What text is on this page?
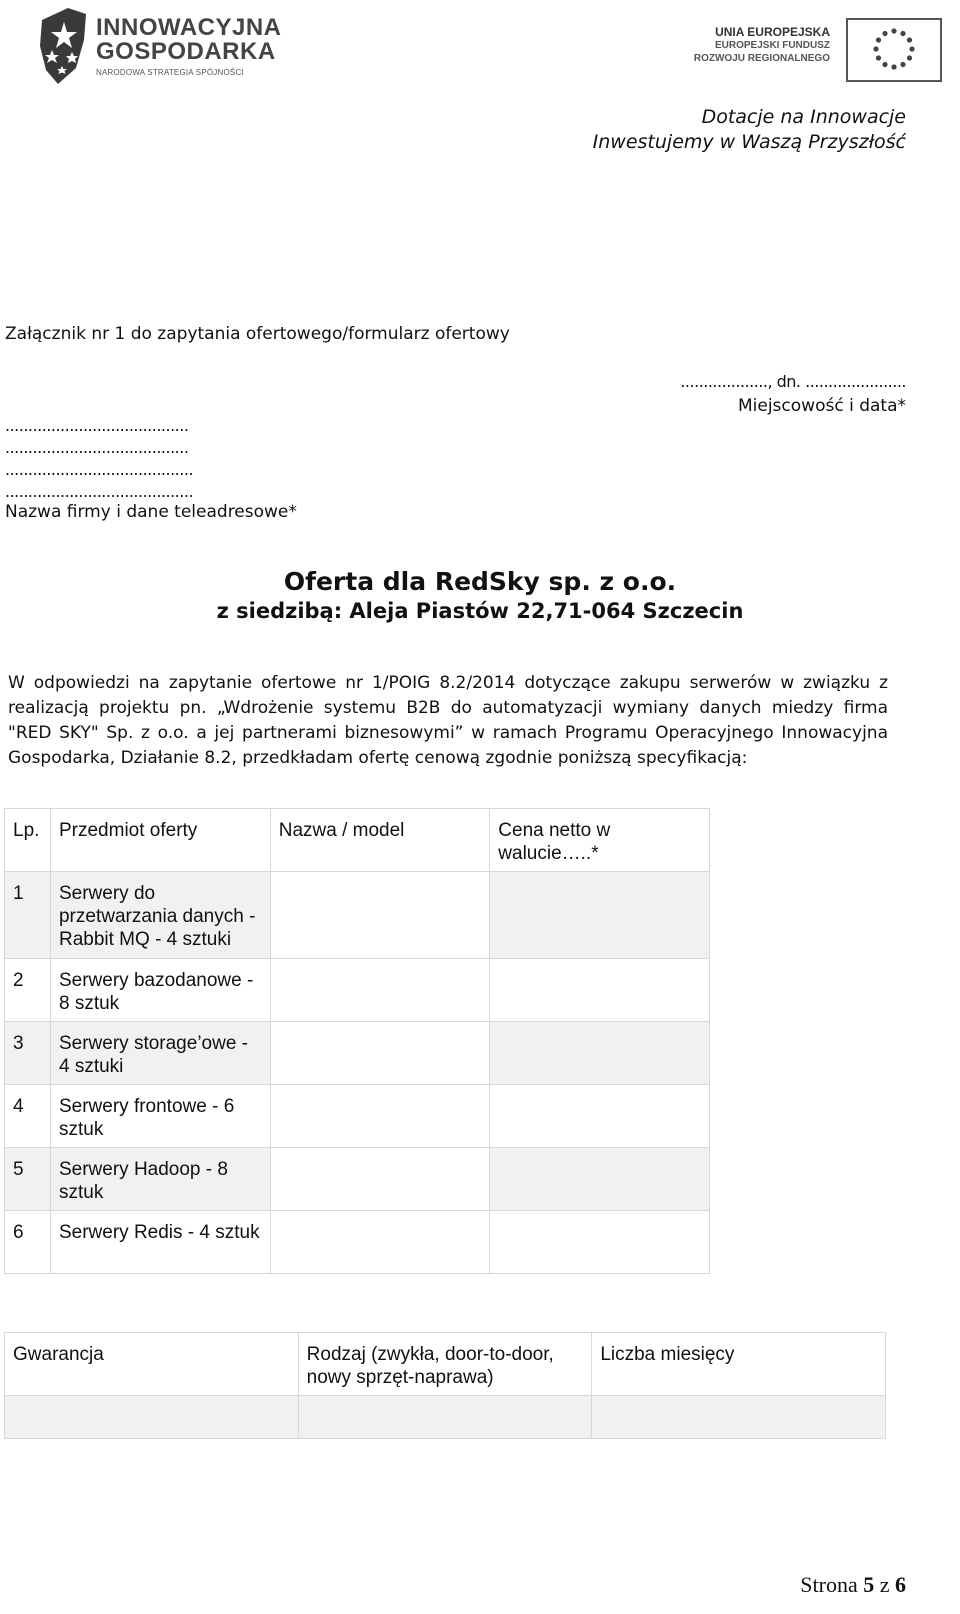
INNOWACYJNA
GOSPODARKA
NARODOWA STRATEGIA SPÓJNOŚCI
UNIA EUROPEJSKA
EUROPEJSKI FUNDUSZ
ROZWOJU REGIONALNEGO
Dotacje na Innowacje
Inwestujemy w Waszą Przyszłość
Załącznik nr 1 do zapytania ofertowego/formularz ofertowy
..................., dn. ......................
Miejscowość i data*
........................................
........................................
.........................................
.........................................
Nazwa firmy i dane teleadresowe*
Oferta dla RedSky sp. z o.o.
z siedzibą: Aleja Piastów 22,71-064 Szczecin
W odpowiedzi na zapytanie ofertowe nr 1/POIG 8.2/2014 dotyczące zakupu serwerów w związku z
realizacją projektu pn. „Wdrożenie systemu B2B do automatyzacji wymiany danych miedzy firma
"RED SKY" Sp. z o.o. a jej partnerami biznesowymi” w ramach Programu Operacyjnego Innowacyjna
Gospodarka, Działanie 8.2, przedkładam ofertę cenową zgodnie poniższą specyfikacją:
Lp.	Przedmiot oferty	Nazwa / model	Cena netto w walucie…..*
1	Serwery do przetwarzania danych - Rabbit MQ - 4 sztuki		
2	Serwery bazodanowe - 8 sztuk		
3	Serwery storage’owe - 4 sztuki		
4	Serwery frontowe - 6 sztuk		
5	Serwery Hadoop - 8 sztuk		
6	Serwery Redis - 4 sztuk		
Gwarancja	Rodzaj (zwykła, door-to-door, nowy sprzęt-naprawa)	Liczba miesięcy

Strona 5 z 6
